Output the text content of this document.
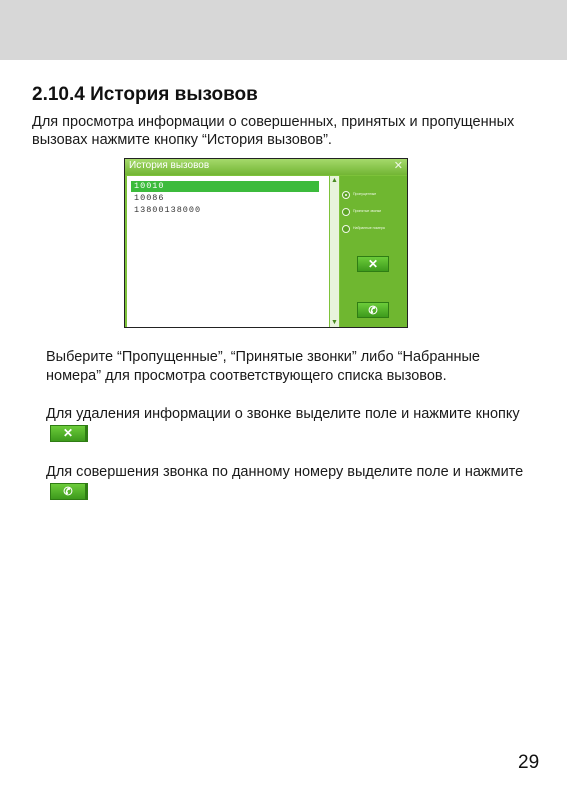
2.10.4 История вызовов
Для просмотра информации о совершенных, принятых и пропущенных вызовах нажмите кнопку “История вызовов”.
История вызовов	✕
10010
10086
13800138000
▲
▼
Пропущенные
Принятые звонки
Набранные номера
✕
✆
Выберите “Пропущенные”, “Принятые звонки” либо “Набранные номера” для просмотра соответствующего списка вызовов.
Для удаления информации о звонке выделите поле и нажмите кнопку✕
Для совершения звонка по данному номеру выделите поле и нажмите✆
29
